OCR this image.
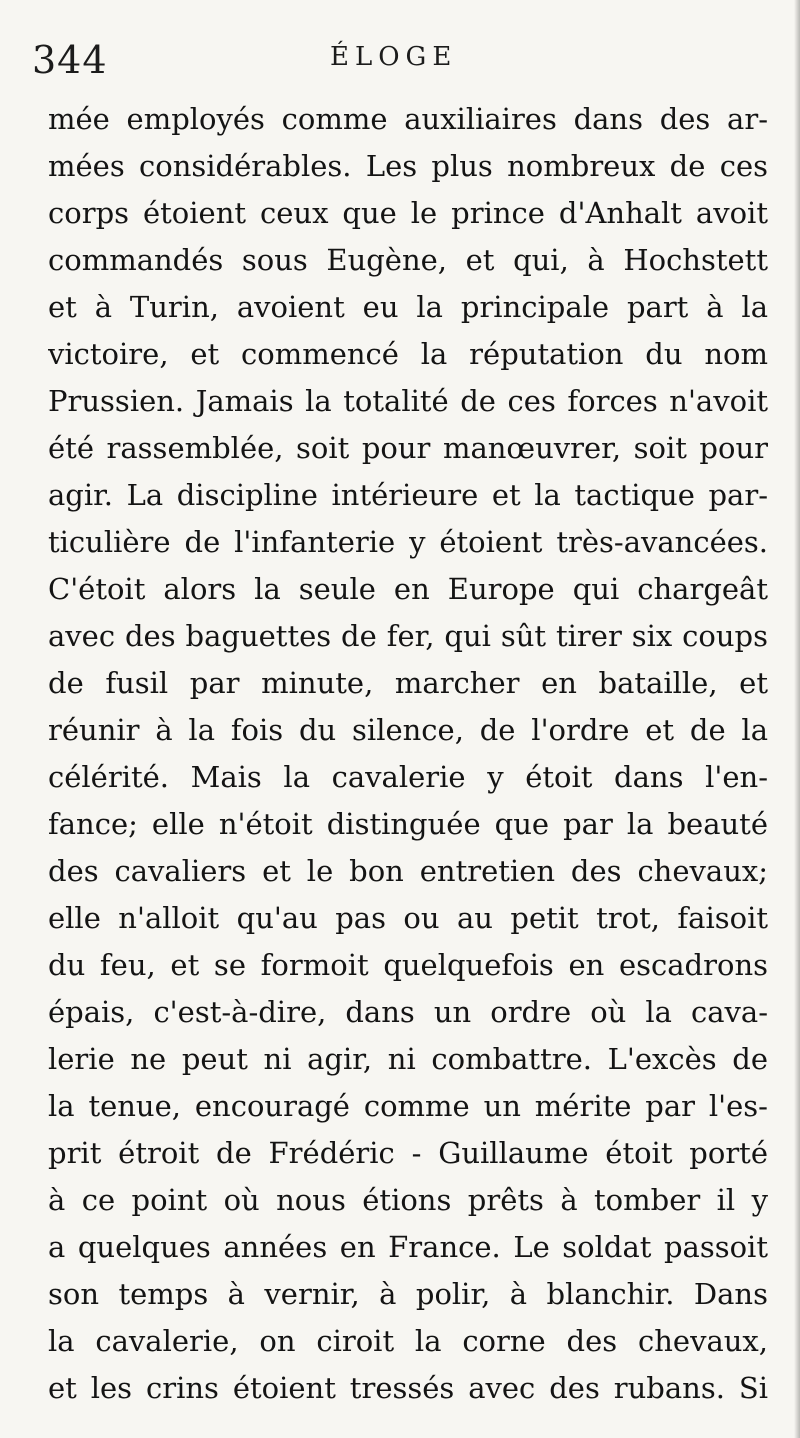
344	ÉLOGE
mée employés comme auxiliaires dans des ar-
mées considérables. Les plus nombreux de ces
corps étoient ceux que le prince d'Anhalt avoit
commandés sous Eugène, et qui, à Hochstett
et à Turin, avoient eu la principale part à la
victoire, et commencé la réputation du nom
Prussien. Jamais la totalité de ces forces n'avoit
été rassemblée, soit pour manœuvrer, soit pour
agir. La discipline intérieure et la tactique par-
ticulière de l'infanterie y étoient très-avancées.
C'étoit alors la seule en Europe qui chargeât
avec des baguettes de fer, qui sût tirer six coups
de fusil par minute, marcher en bataille, et
réunir à la fois du silence, de l'ordre et de la
célérité. Mais la cavalerie y étoit dans l'en-
fance; elle n'étoit distinguée que par la beauté
des cavaliers et le bon entretien des chevaux;
elle n'alloit qu'au pas ou au petit trot, faisoit
du feu, et se formoit quelquefois en escadrons
épais, c'est-à-dire, dans un ordre où la cava-
lerie ne peut ni agir, ni combattre. L'excès de
la tenue, encouragé comme un mérite par l'es-
prit étroit de Frédéric - Guillaume étoit porté
à ce point où nous étions prêts à tomber il y
a quelques années en France. Le soldat passoit
son temps à vernir, à polir, à blanchir. Dans
la cavalerie, on ciroit la corne des chevaux,
et les crins étoient tressés avec des rubans. Si
